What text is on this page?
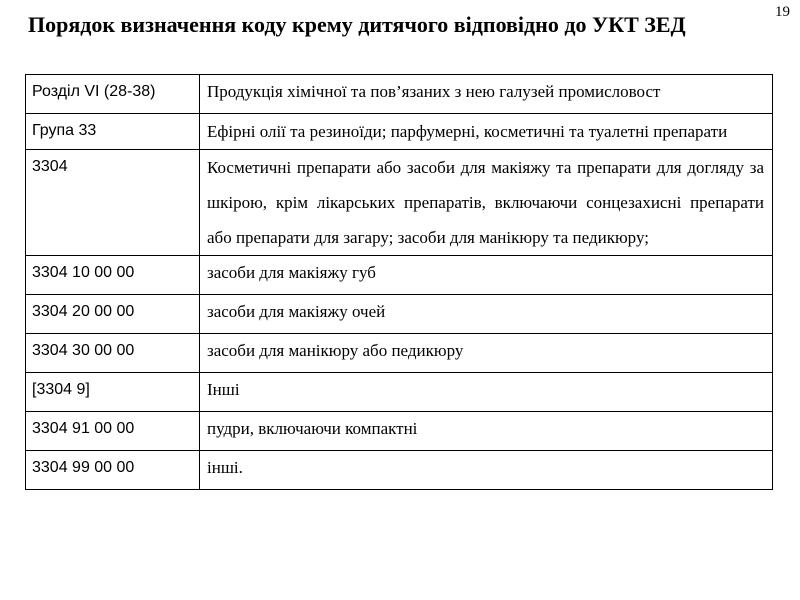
19
Порядок визначення коду крему дитячого відповідно до УКТ ЗЕД
Розділ VI (28-38)	Продукція хімічної та пов’язаних з нею галузей промисловост
Група 33	Ефірні олії та резиноїди; парфумерні, косметичні та туалетні препарати
3304	Косметичні препарати або засоби для макіяжу та препарати для догляду за шкірою, крім лікарських препаратів, включаючи сонцезахисні препарати або препарати для загару; засоби для манікюру та педикюру;
3304 10 00 00	засоби для макіяжу губ
3304 20 00 00	засоби для макіяжу очей
3304 30 00 00	засоби для манікюру або педикюру
[3304 9]	Інші
3304 91 00 00	пудри, включаючи компактні
3304 99 00 00	інші.
